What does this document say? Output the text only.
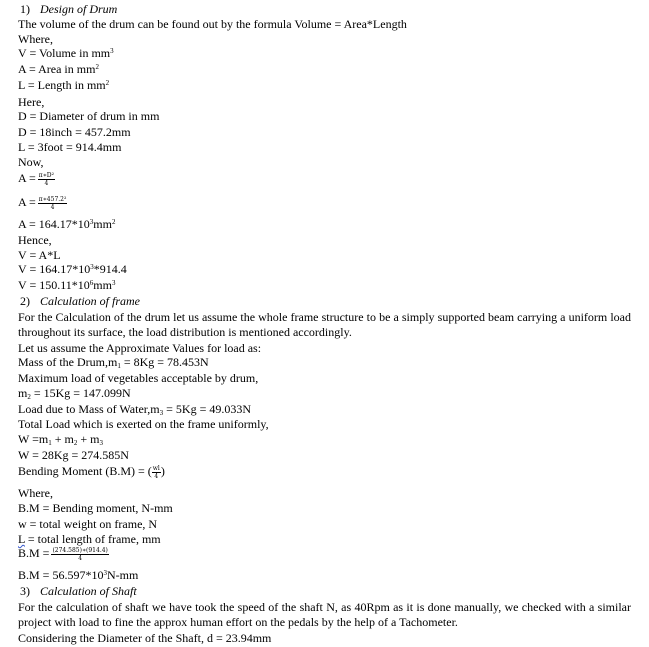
1) Design of Drum
The volume of the drum can be found out by the formula Volume = Area*Length
Where,
V = Volume in $mm^3$
A = Area in $mm^2$
L = Length in $mm^2$
Here,
D = Diameter of drum in mm
D = 18inch = 457.2mm
L = 3foot = 914.4mm
Now,
$A = \frac{\text{π∗D²}}{4}$
$A = \frac{\text{π∗457.2²}}{4}$
$A = 164.17*10^3mm^2$
Hence,
V = A*L
$V = 164.17*10^3*914.4$
$V = 150.11*10^6mm^3$
2) Calculation of frame
For the Calculation of the drum let us assume the whole frame structure to be a simply supported beam carrying a uniform load
throughout its surface, the load distribution is mentioned accordingly.
Let us assume the Approximate Values for load as:
Mass of the $Drum,m_1 = 8Kg = 78.453N$
Maximum load of vegetables acceptable by drum,
$m_2 = 15Kg = 147.099N$
Load due to Mass of $Water,m_3 = 5Kg = 49.033N$
Total Load which is exerted on the frame uniformly,
$W =m_1 + m_2 + m_3$
W = 28Kg = 274.585N
Bending Moment (B.M) = ( $\frac{wl}{4}$ )
Where,
B.M = Bending moment, N-mm
w = total weight on frame, N
L = total length of frame, mm
$B.M = \frac{(274.585)∗(914.4)}{4}$
$B.M = 56.597*10^3N-mm$
3) Calculation of Shaft
For the calculation of shaft we have took the speed of the shaft N, as 40Rpm as it is done manually, we checked with a similar
project with load to fine the approx human effort on the pedals by the help of a Tachometer.
Considering the Diameter of the Shaft, d = 23.94mm
